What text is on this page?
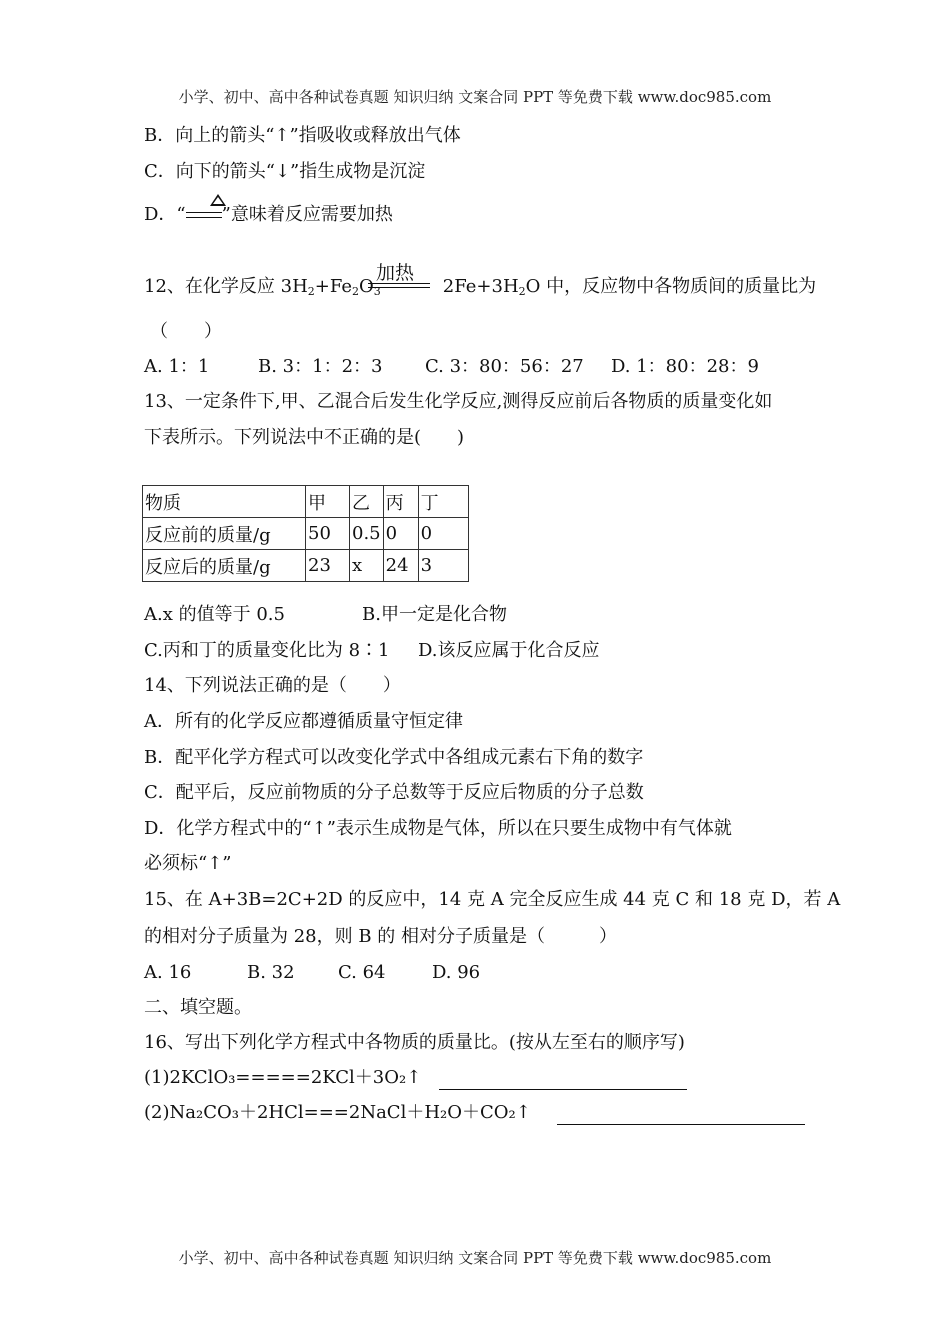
小学、初中、高中各种试卷真题 知识归纳 文案合同 PPT 等免费下载 www.doc985.com
B．向上的箭头“↑”指吸收或释放出气体
C．向下的箭头“↓”指生成物是沉淀
D．“ ”意味着反应需要加热
加热
12、在化学反应 $3H_2+Fe_2O_3$	$2Fe+3H_2O$ 中，反应物中各物质间的质量比为
（　　）
A. 1：1	B. 3：1：2：3 C. 3：80：56：27 D. 1：80：28：9
13、一定条件下,甲、乙混合后发生化学反应,测得反应前后各物质的质量变化如
下表所示。下列说法中不正确的是(　　)
物质	甲	乙	丙	丁
反应前的质量/g	50	0.5	0	0
反应后的质量/g	23	x	24	3
A.x 的值等于 0.5	B.甲一定是化合物
C.丙和丁的质量变化比为 8∶1 D.该反应属于化合反应
14、下列说法正确的是（　　）
A．所有的化学反应都遵循质量守恒定律
B．配平化学方程式可以改变化学式中各组成元素右下角的数字
C．配平后，反应前物质的分子总数等于反应后物质的分子总数
D．化学方程式中的“↑”表示生成物是气体，所以在只要生成物中有气体就
必须标“↑”
15、在 A+3B=2C+2D 的反应中，14 克 A 完全反应生成 44 克 C 和 18 克 D，若 A
的相对分子质量为 28，则 B 的 相对分子质量是（　　　）
A. 16	B. 32 C. 64	D. 96
二、填空题。
16、写出下列化学方程式中各物质的质量比。(按从左至右的顺序写)
(1)2KClO₃=====2KCl＋3O₂↑
(2)Na₂CO₃＋2HCl===2NaCl＋H₂O＋CO₂↑
小学、初中、高中各种试卷真题 知识归纳 文案合同 PPT 等免费下载 www.doc985.com
